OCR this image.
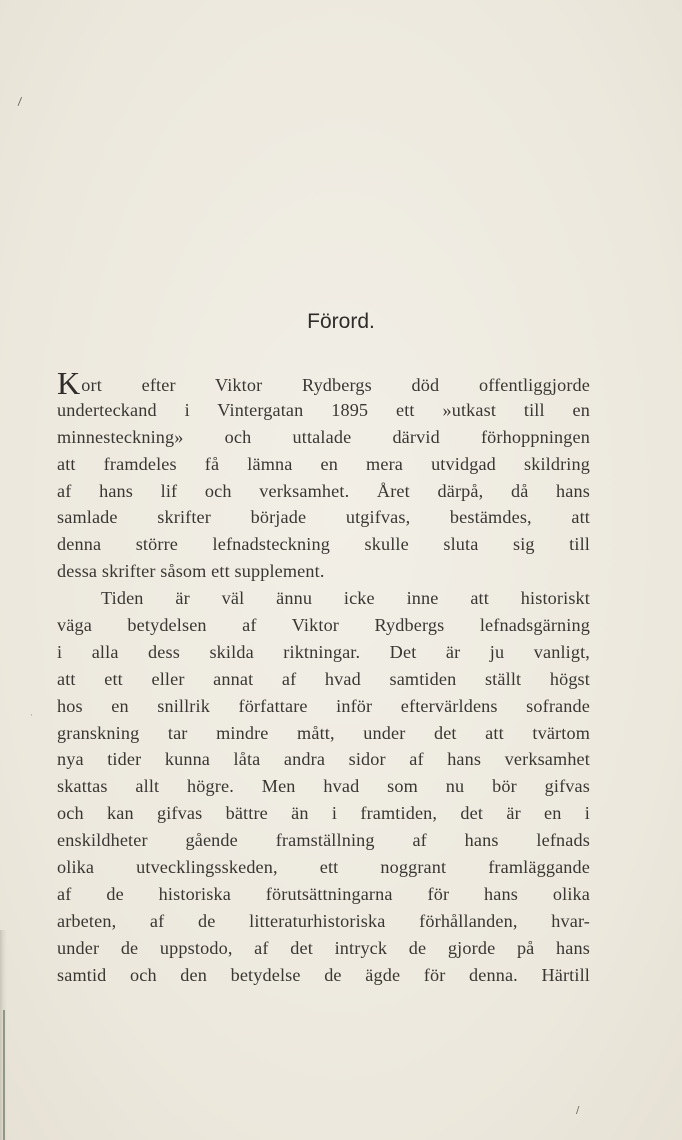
\
/
·
Förord.
Kort efter Viktor Rydbergs död offentliggjorde
underteckand i Vintergatan 1895 ett »utkast till en
minnesteckning» och uttalade därvid förhoppningen
att framdeles få lämna en mera utvidgad skildring
af hans lif och verksamhet. Året därpå, då hans
samlade skrifter började utgifvas, bestämdes, att
denna större lefnadsteckning skulle sluta sig till
dessa skrifter såsom ett supplement.
Tiden är väl ännu icke inne att historiskt
väga betydelsen af Viktor Rydbergs lefnadsgärning
i alla dess skilda riktningar. Det är ju vanligt,
att ett eller annat af hvad samtiden ställt högst
hos en snillrik författare inför eftervärldens sofrande
granskning tar mindre mått, under det att tvärtom
nya tider kunna låta andra sidor af hans verksamhet
skattas allt högre. Men hvad som nu bör gifvas
och kan gifvas bättre än i framtiden, det är en i
enskildheter gående framställning af hans lefnads
olika utvecklingsskeden, ett noggrant framläggande
af de historiska förutsättningarna för hans olika
arbeten, af de litteraturhistoriska förhållanden, hvar-
under de uppstodo, af det intryck de gjorde på hans
samtid och den betydelse de ägde för denna. Härtill
